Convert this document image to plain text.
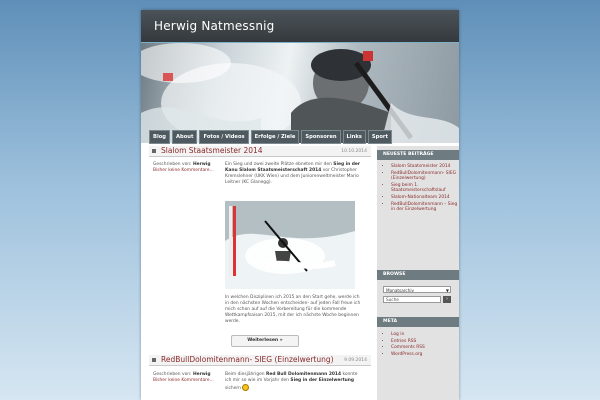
Herwig Natmessnig
Blog	About	Fotos / Videos	Erfolge / Ziele	Sponsoren	Links	Sport
Slalom Staatsmeister 2014	10.10.2014
Geschrieben von: Herwig
Bisher keine Kommentare...
Ein Sieg und zwei zweite Plätze ebneten mir den Sieg in der Kanu Slalom Staatsmeisterschaft 2014 vor Christopher Kremslehner (UKK Wien) und dem Juniorenweltmeister Mario Leitner (KC Glanegg).
In welchen Disziplinen ich 2015 an den Start gehe, werde ich in den nächsten Wochen entscheiden- auf jeden Fall freue ich mich schon auf auf die Vorbereitung für die kommende Wettkampfsaison 2015, mit der ich nächste Woche beginnen werde.
Weiterlesen »
RedBullDolomitenmann- SIEG (Einzelwertung) 9.09.2014
Geschrieben von: Herwig
Bisher keine Kommentare...
Beim diesjährigen Red Bull Dolomitenmann 2014 konnte ich mir so wie im Vorjahr den Sieg in der Einzelwertung sichern
NEUESTE BEITRÄGE
• Slalom Staatsmeister 2014
• RedBullDolomitenmann- SIEG (Einzelwertung)
• Sieg beim 1. Staatsmeisterschaftslauf
• Slalom-Nationalteam 2014
• RedBullDolomitenmann – Sieg in der Einzelwertung
BROWSE
Monatsarchiv	▼
Suche	›
META
• Log in
• Entries RSS
• Comments RSS
• WordPress.org
